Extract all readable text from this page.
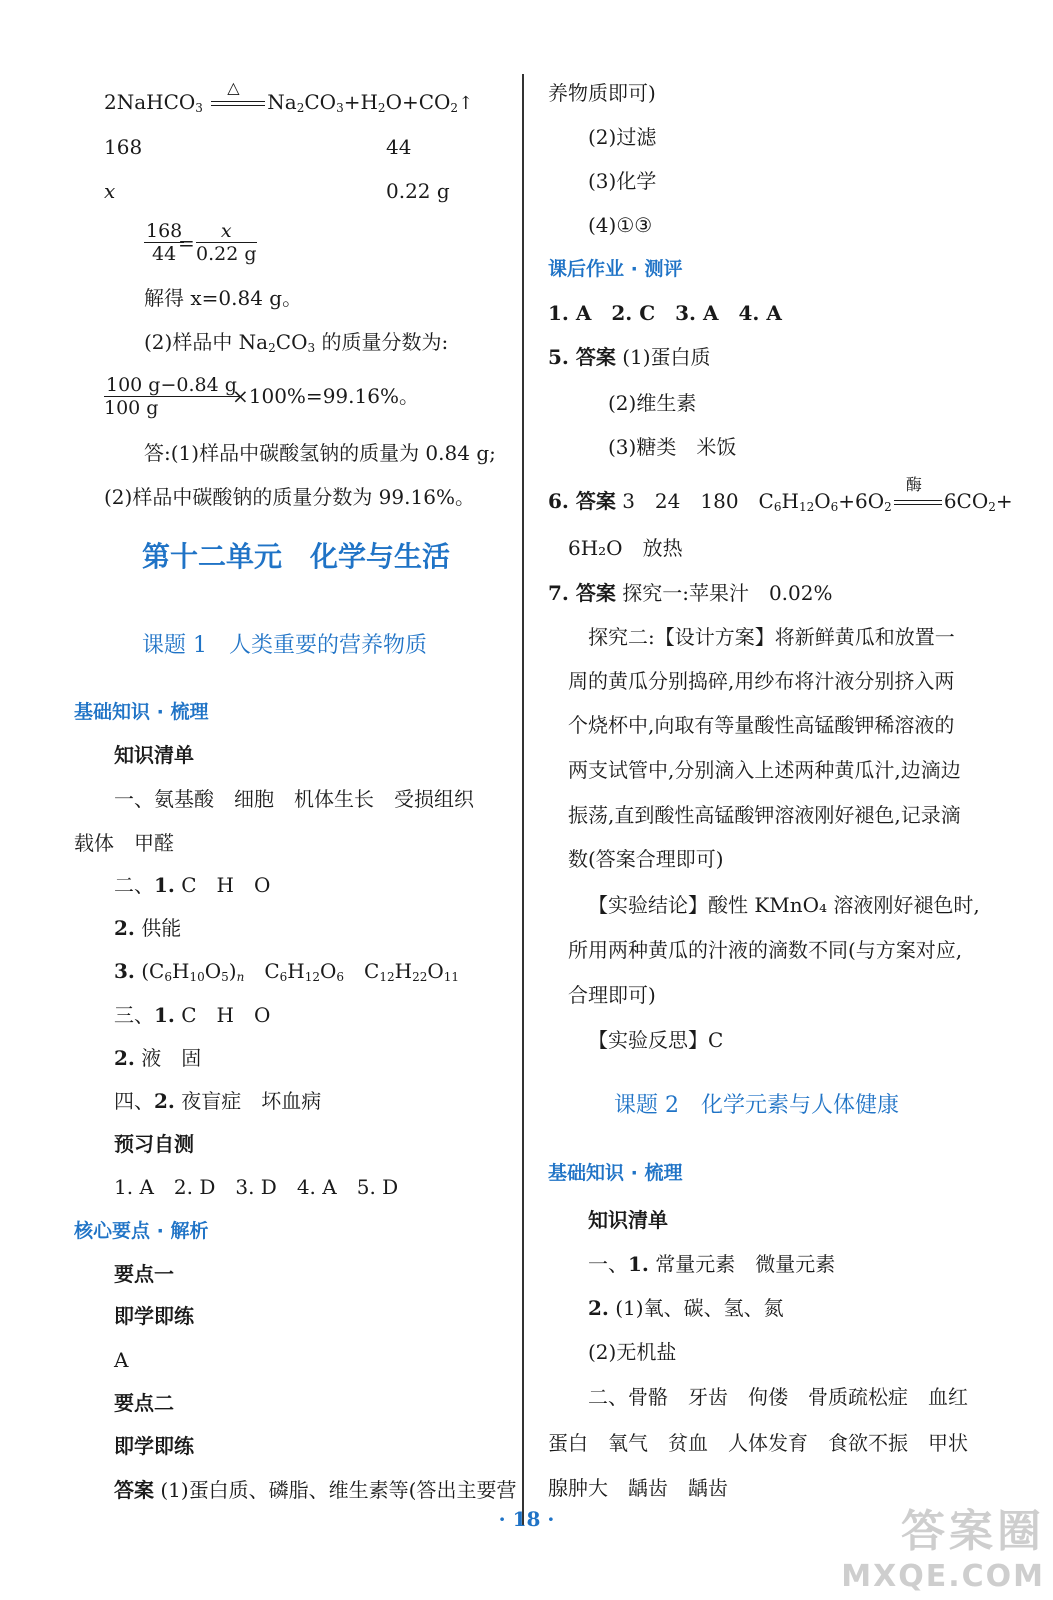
2NaHCO$_3$
△
$Na_2CO_3+H_2O+CO_2↑$
168	44
x	0.22 g
$\frac{168}{44}$
= $\frac{x}{0.22 g}$
解得 x=0.84 g。
(2)样品中 $Na_2CO_3$ 的质量分数为:
$\frac{100 g-0.84 g}{100 g}$
×100%=99.16%。
答:(1)样品中碳酸氢钠的质量为 0.84 g;
(2)样品中碳酸钠的质量分数为 99.16%。
第十二单元　化学与生活
课题 1　人类重要的营养物质
基础知识 · 梳理
知识清单
一、氨基酸　细胞　机体生长　受损组织
载体　甲醛
二、1. C　H　O
2. 供能
3. $(C_6H_{10}O_5)_n$　$C_6H_{12}O_6$　$C_{12}H_{22}O_{11}$
三、1. C　H　O
2. 液　固
四、2. 夜盲症　坏血病
预习自测
1. A　2. D　3. D　4. A　5. D
核心要点 · 解析
要点一
即学即练
A
要点二
即学即练
答案 (1)蛋白质、磷脂、维生素等(答出主要营
养物质即可)
(2)过滤
(3)化学
(4)①③
课后作业 · 测评
1. A　2. C　3. A　4. A
5. 答案 (1)蛋白质
(2)维生素
(3)糖类　米饭
6. 答案 3　24　180　$C_6H_{12}O_6+6O_2$
酶
$6CO_2+$
6H₂O　放热
7. 答案 探究一:苹果汁　0.02%
探究二:【设计方案】将新鲜黄瓜和放置一
周的黄瓜分别捣碎,用纱布将汁液分别挤入两
个烧杯中,向取有等量酸性高锰酸钾稀溶液的
两支试管中,分别滴入上述两种黄瓜汁,边滴边
振荡,直到酸性高锰酸钾溶液刚好褪色,记录滴
数(答案合理即可)
【实验结论】酸性 KMnO₄ 溶液刚好褪色时,
所用两种黄瓜的汁液的滴数不同(与方案对应,
合理即可)
【实验反思】C
课题 2　化学元素与人体健康
基础知识 · 梳理
知识清单
一、1. 常量元素　微量元素
2. (1)氧、碳、氢、氮
(2)无机盐
二、骨骼　牙齿　佝偻　骨质疏松症　血红
蛋白　氧气　贫血　人体发育　食欲不振　甲状
腺肿大　龋齿　龋齿
· 18 ·	答案圈
MXQE.COM
